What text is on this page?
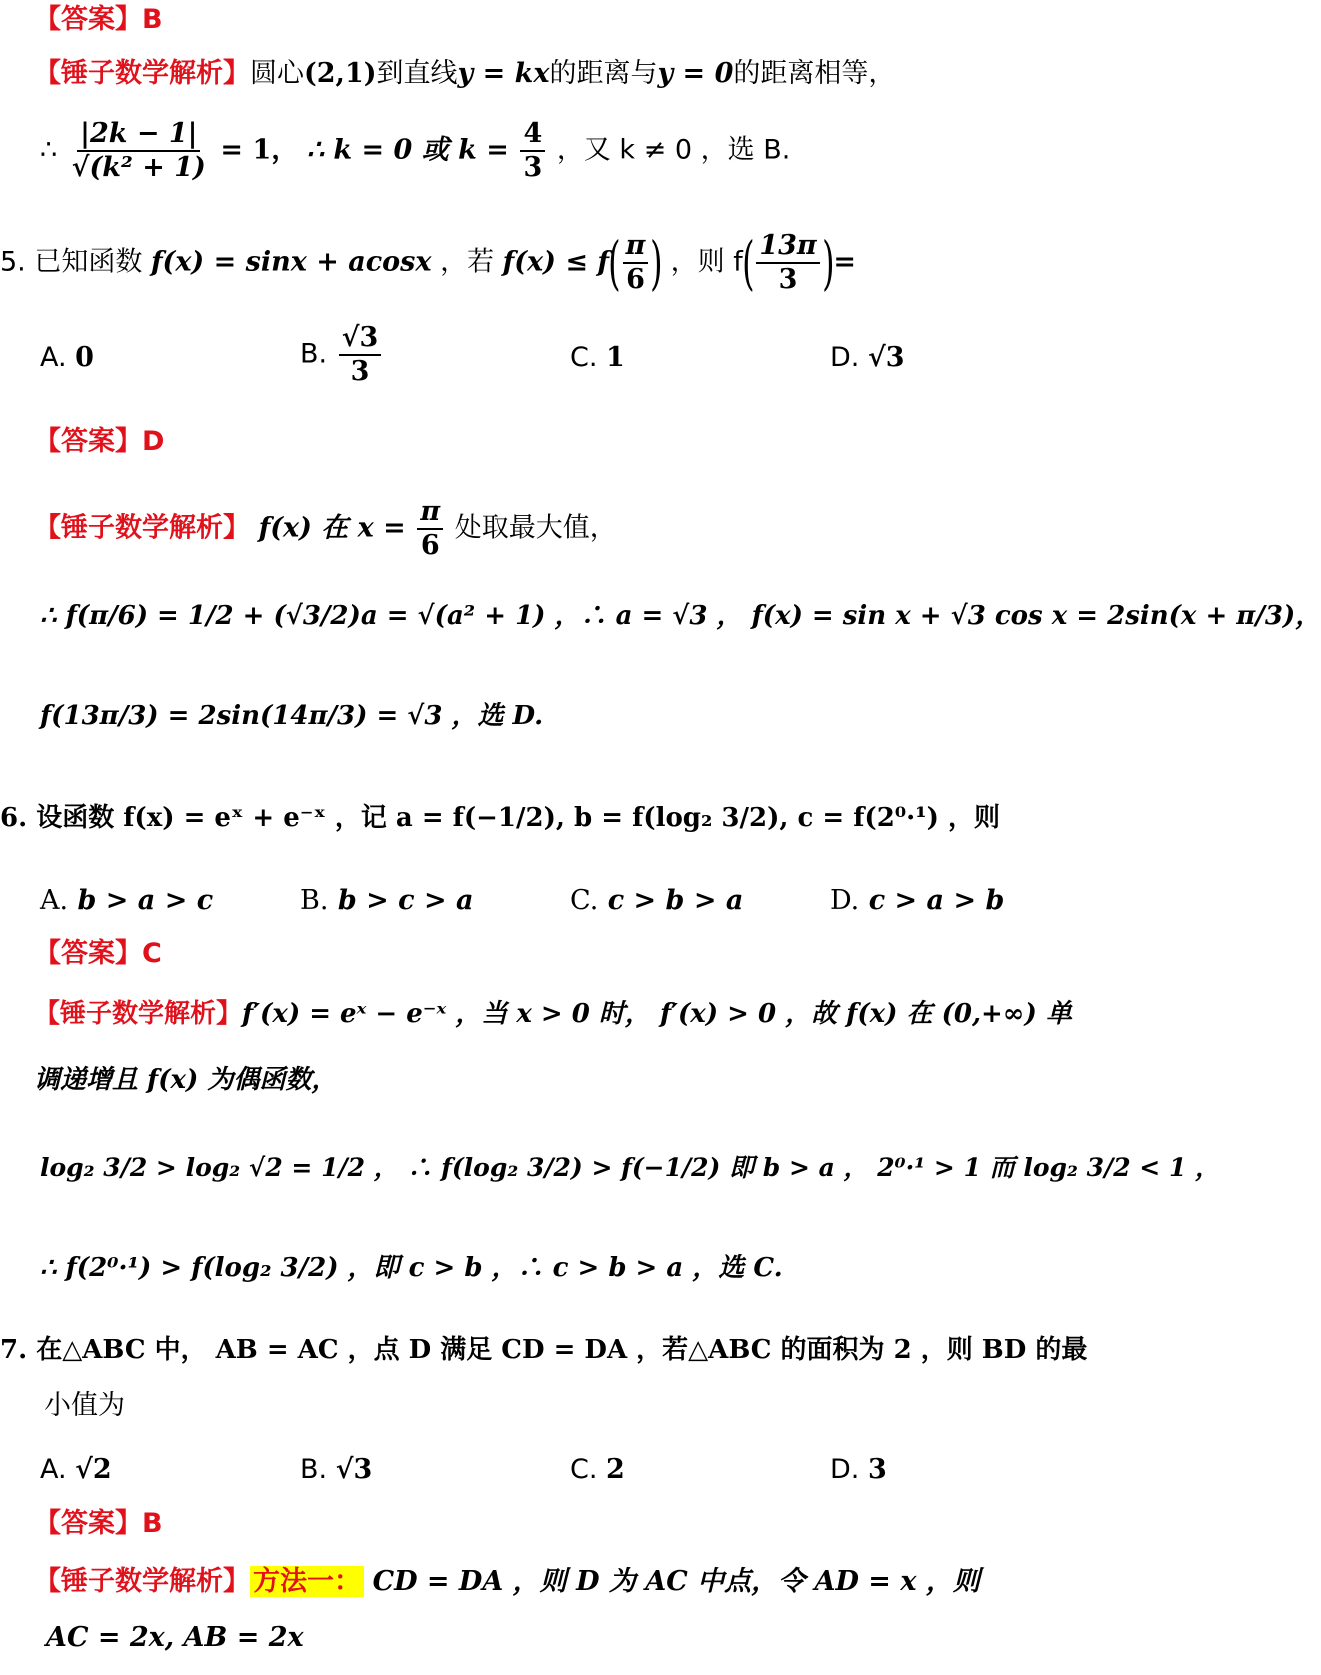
【答案】B
【锤子数学解析】圆心(2,1)到直线y = kx的距离与y = 0的距离相等，
∴ $\frac{|2k - 1|}{\text{√(k² + 1)}} = 1$， ∴ k = 0 或 $k = \frac{4}{3}$ ，又 k ≠ 0 ，选 B.
5. 已知函数 f(x) = sinx + acosx ，若 $f(x) \le f( \frac{\pi}{6}$ ) ，则 $f( \frac{13\pi}{3}$ )=
A. 0	B. $\frac{√3}{3}$	C. 1	D. √3
【答案】D
【锤子数学解析】 f(x) 在 $x = \frac{\pi}{6}$ 处取最大值，
∴ f(π/6) = 1/2 + (√3/2)a = √(a² + 1) ，∴ a = √3 ， f(x) = sin x + √3 cos x = 2sin(x + π/3)，
f(13π/3) = 2sin(14π/3) = √3 ，选 D.
6. 设函数 f(x) = eˣ + e⁻ˣ ，记 a = f(−1/2), b = f(log₂ 3/2), c = f(2⁰·¹) ，则
A. b > a > c	B. b > c > a	C. c > b > a	D. c > a > b
【答案】C
【锤子数学解析】f′(x) = eˣ − e⁻ˣ ，当 x > 0 时， f′(x) > 0 ，故 f(x) 在 (0,+∞) 单
调递增且 f(x) 为偶函数，
log₂ 3/2 > log₂ √2 = 1/2 ， ∴ f(log₂ 3/2) > f(−1/2) 即 b > a ， 2⁰·¹ > 1 而 log₂ 3/2 < 1 ，
∴ f(2⁰·¹) > f(log₂ 3/2) ，即 c > b ，∴ c > b > a ，选 C.
7. 在△ABC 中， AB = AC ，点 D 满足 CD = DA ，若△ABC 的面积为 2 ，则 BD 的最
小值为
A. √2	B. √3	C. 2	D. 3
【答案】B
【锤子数学解析】 方法一： CD = DA ，则 D 为 AC 中点，令 AD = x ，则
AC = 2x, AB = 2x
